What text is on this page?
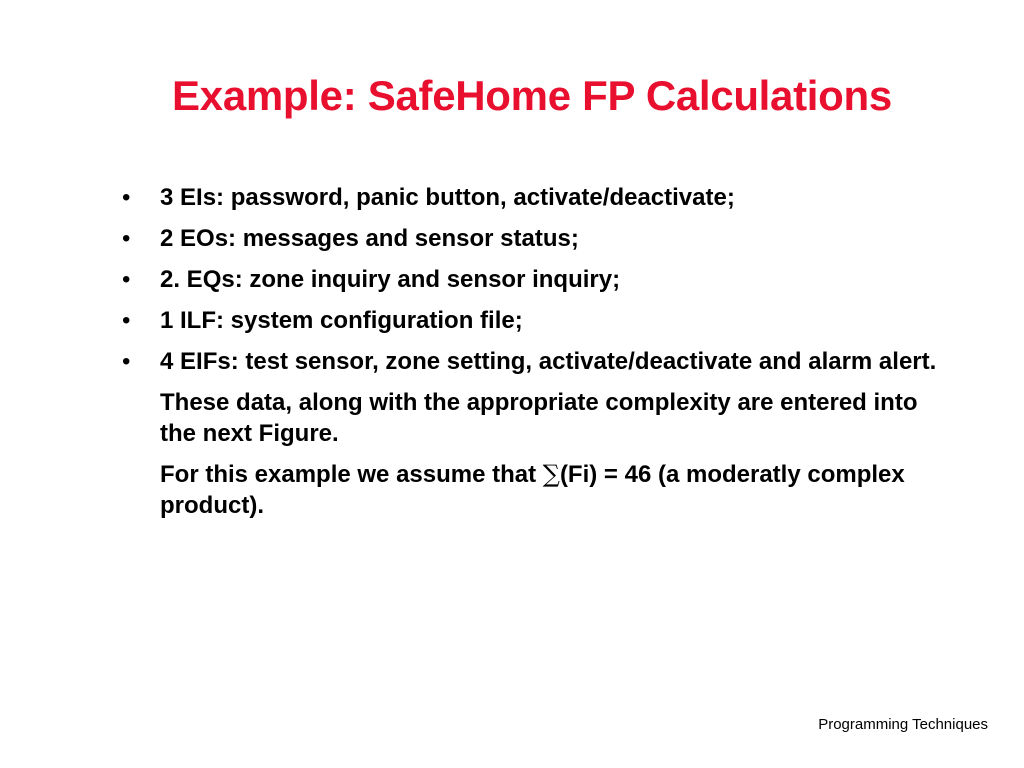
Example: SafeHome FP Calculations
• 3 EIs: password, panic button, activate/deactivate;
• 2 EOs: messages and sensor status;
• 2. EQs: zone inquiry and sensor inquiry;
• 1 ILF: system configuration file;
• 4 EIFs: test sensor, zone setting, activate/deactivate and alarm alert.
These data, along with the appropriate complexity are entered into the next Figure.
For this example we assume that ∑(Fi) = 46 (a moderatly complex product).
Programming Techniques
